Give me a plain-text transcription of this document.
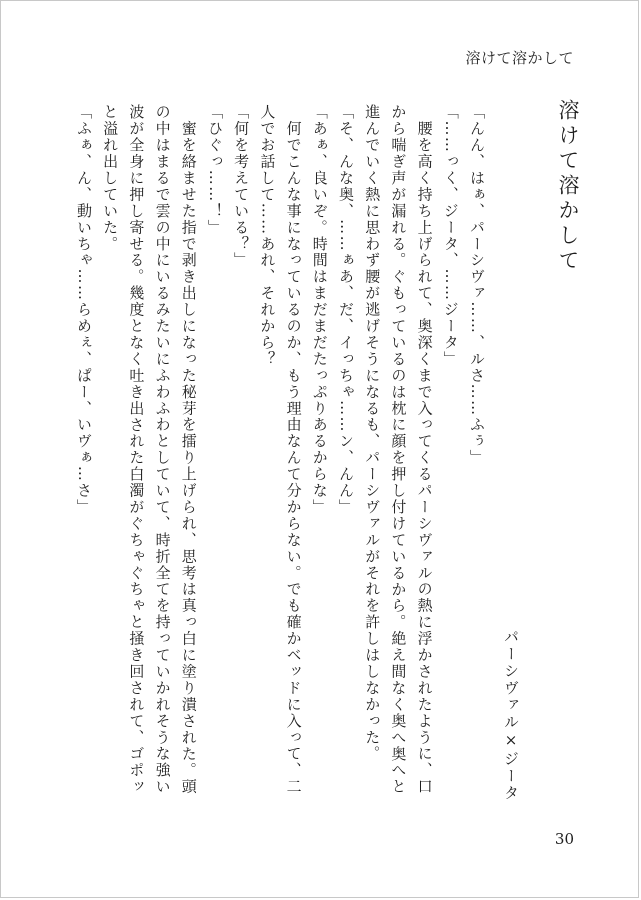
溶けて溶かして
溶けて溶かして
パーシヴァル×ジータ

「んん、はぁ、パーシヴァ……、ルさ……ふぅ」

「……っく、ジータ、……ジータ」

　腰を高く持ち上げられて、奥深くまで入ってくるパーシヴァルの熱に浮かされたように、口から喘ぎ声が漏れる。ぐもっているのは枕に顔を押し付けているから。絶え間なく奥へ奥へと進んでいく熱に思わず腰が逃げそうになるも、パーシヴァルがそれを許しはしなかった。

「そ、んな奥、……ぁあ、だ、イっちゃ……ン、んん」

「あぁ、良いぞ。時間はまだまだたっぷりあるからな」

　何でこんな事になっているのか、もう理由なんて分からない。でも確かベッドに入って、二人でお話して……あれ、それから？

「何を考えている？」

「ひぐっ……！」

　蜜を絡ませた指で剥き出しになった秘芽を擂り上げられ、思考は真っ白に塗り潰された。頭の中はまるで雲の中にいるみたいにふわふわとしていて、時折全てを持っていかれそうな強い波が全身に押し寄せる。幾度となく吐き出された白濁がぐちゃぐちゃと掻き回されて、ゴポッと溢れ出していた。

「ふぁ、ん、動いちゃ……らめぇ、ぱー、いヴぁ…さ」

30
